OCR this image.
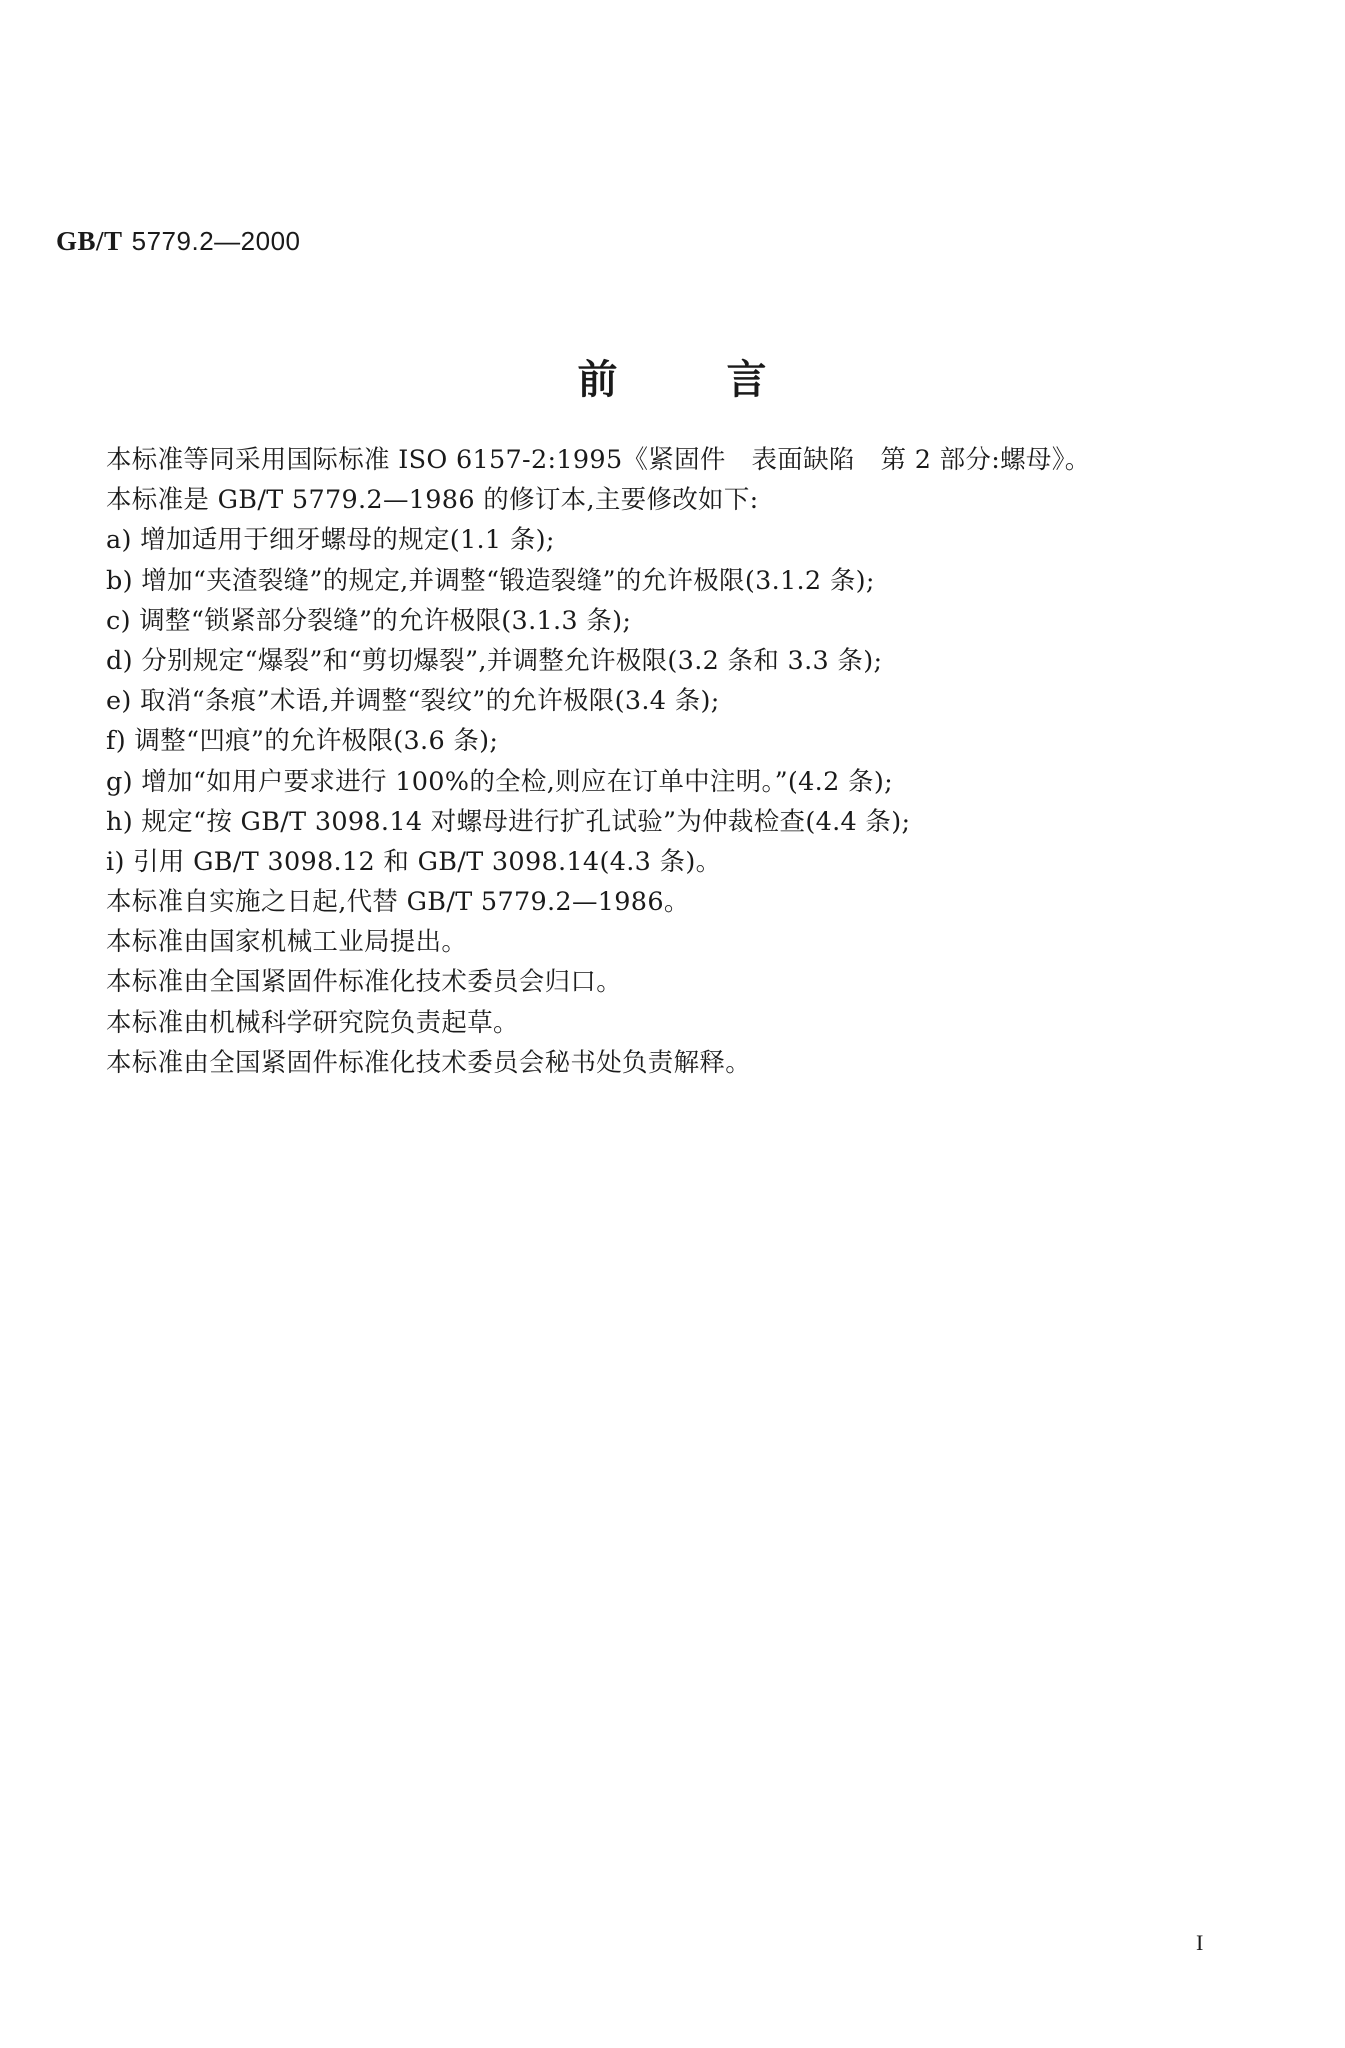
GB/T 5779.2—2000
前	言
本标准等同采用国际标准 ISO 6157-2:1995《紧固件　表面缺陷　第 2 部分:螺母》。
本标准是 GB/T 5779.2—1986 的修订本,主要修改如下:
a) 增加适用于细牙螺母的规定(1.1 条);
b) 增加“夹渣裂缝”的规定,并调整“锻造裂缝”的允许极限(3.1.2 条);
c) 调整“锁紧部分裂缝”的允许极限(3.1.3 条);
d) 分别规定“爆裂”和“剪切爆裂”,并调整允许极限(3.2 条和 3.3 条);
e) 取消“条痕”术语,并调整“裂纹”的允许极限(3.4 条);
f) 调整“凹痕”的允许极限(3.6 条);
g) 增加“如用户要求进行 100%的全检,则应在订单中注明。”(4.2 条);
h) 规定“按 GB/T 3098.14 对螺母进行扩孔试验”为仲裁检查(4.4 条);
i) 引用 GB/T 3098.12 和 GB/T 3098.14(4.3 条)。
本标准自实施之日起,代替 GB/T 5779.2—1986。
本标准由国家机械工业局提出。
本标准由全国紧固件标准化技术委员会归口。
本标准由机械科学研究院负责起草。
本标准由全国紧固件标准化技术委员会秘书处负责解释。
I
